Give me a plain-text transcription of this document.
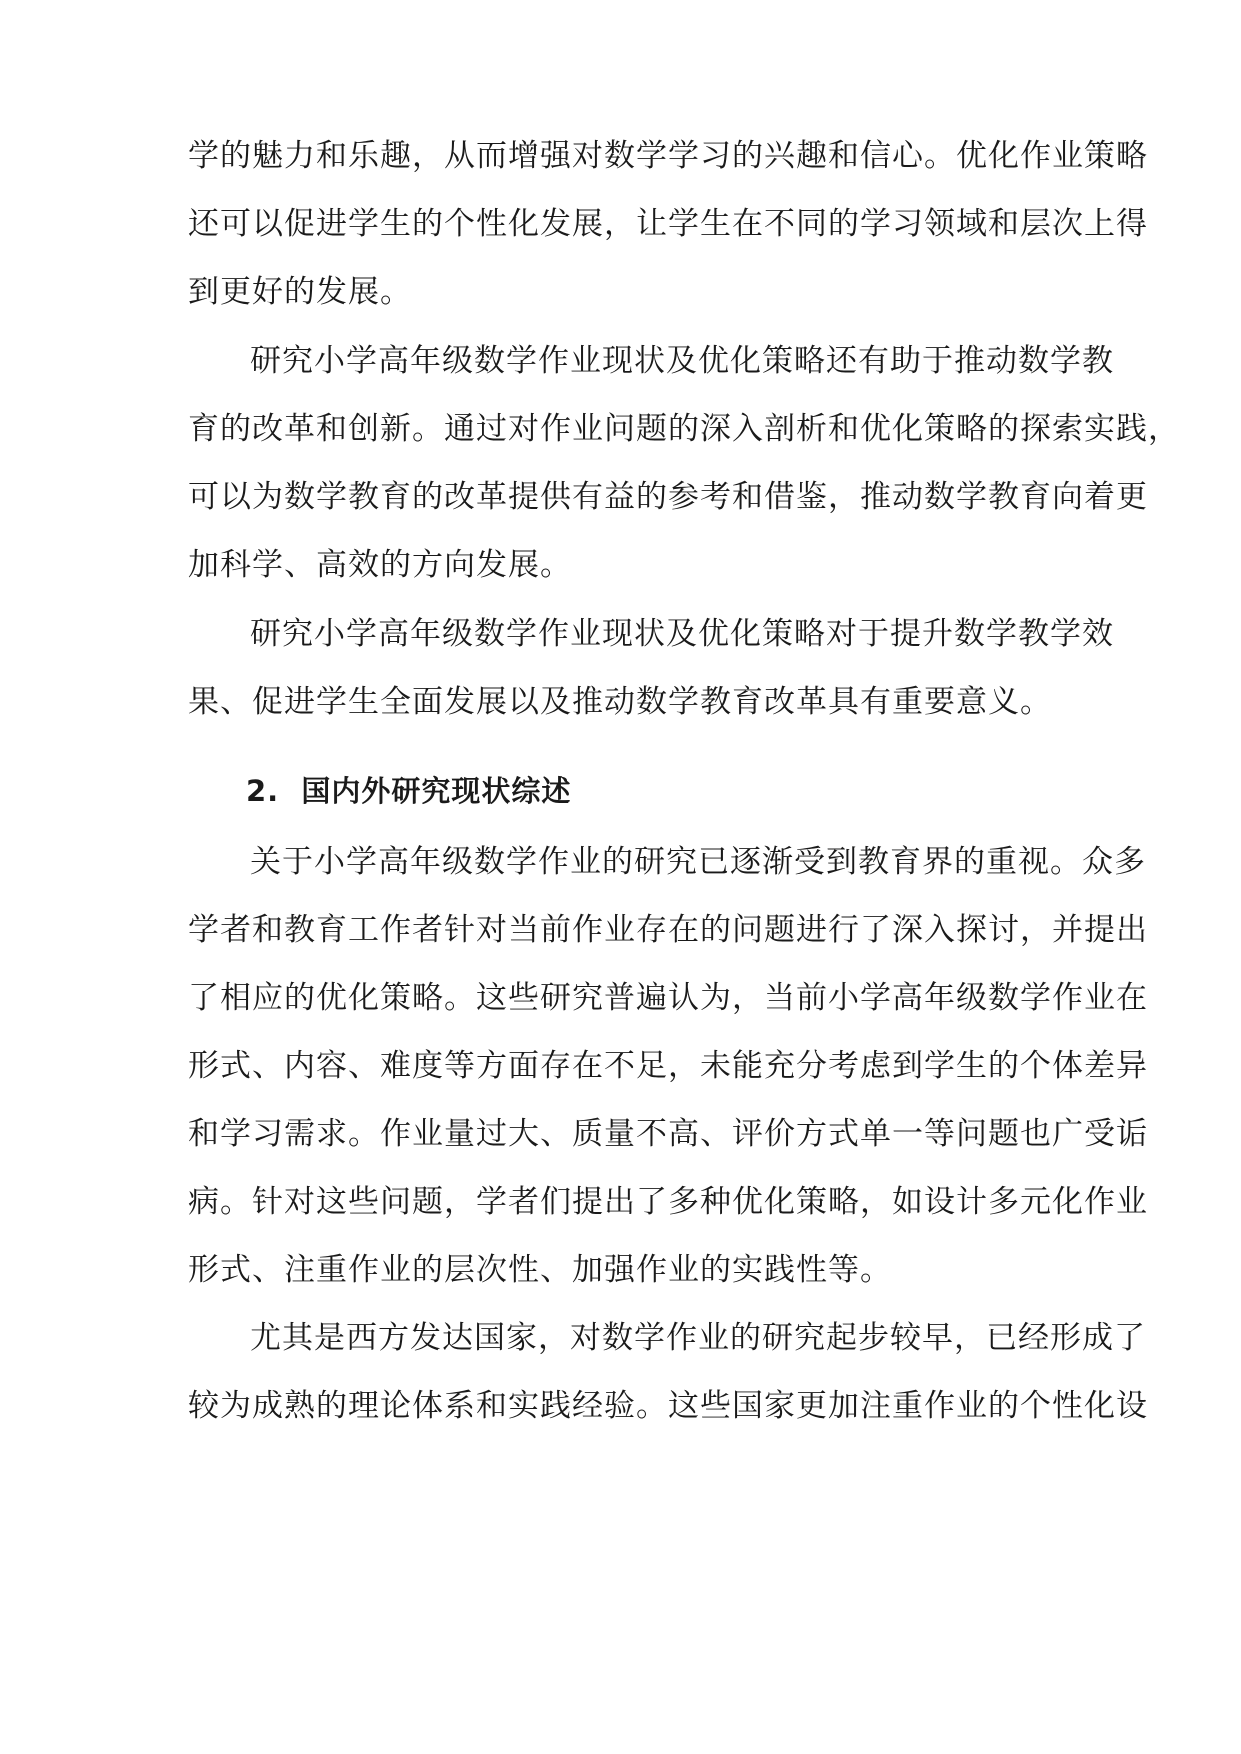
学的魅力和乐趣，从而增强对数学学习的兴趣和信心。优化作业策略
还可以促进学生的个性化发展，让学生在不同的学习领域和层次上得
到更好的发展。
研究小学高年级数学作业现状及优化策略还有助于推动数学教
育的改革和创新。通过对作业问题的深入剖析和优化策略的探索实践，
可以为数学教育的改革提供有益的参考和借鉴，推动数学教育向着更
加科学、高效的方向发展。
研究小学高年级数学作业现状及优化策略对于提升数学教学效
果、促进学生全面发展以及推动数学教育改革具有重要意义。
2. 国内外研究现状综述
关于小学高年级数学作业的研究已逐渐受到教育界的重视。众多
学者和教育工作者针对当前作业存在的问题进行了深入探讨，并提出
了相应的优化策略。这些研究普遍认为，当前小学高年级数学作业在
形式、内容、难度等方面存在不足，未能充分考虑到学生的个体差异
和学习需求。作业量过大、质量不高、评价方式单一等问题也广受诟
病。针对这些问题，学者们提出了多种优化策略，如设计多元化作业
形式、注重作业的层次性、加强作业的实践性等。
尤其是西方发达国家，对数学作业的研究起步较早，已经形成了
较为成熟的理论体系和实践经验。这些国家更加注重作业的个性化设
